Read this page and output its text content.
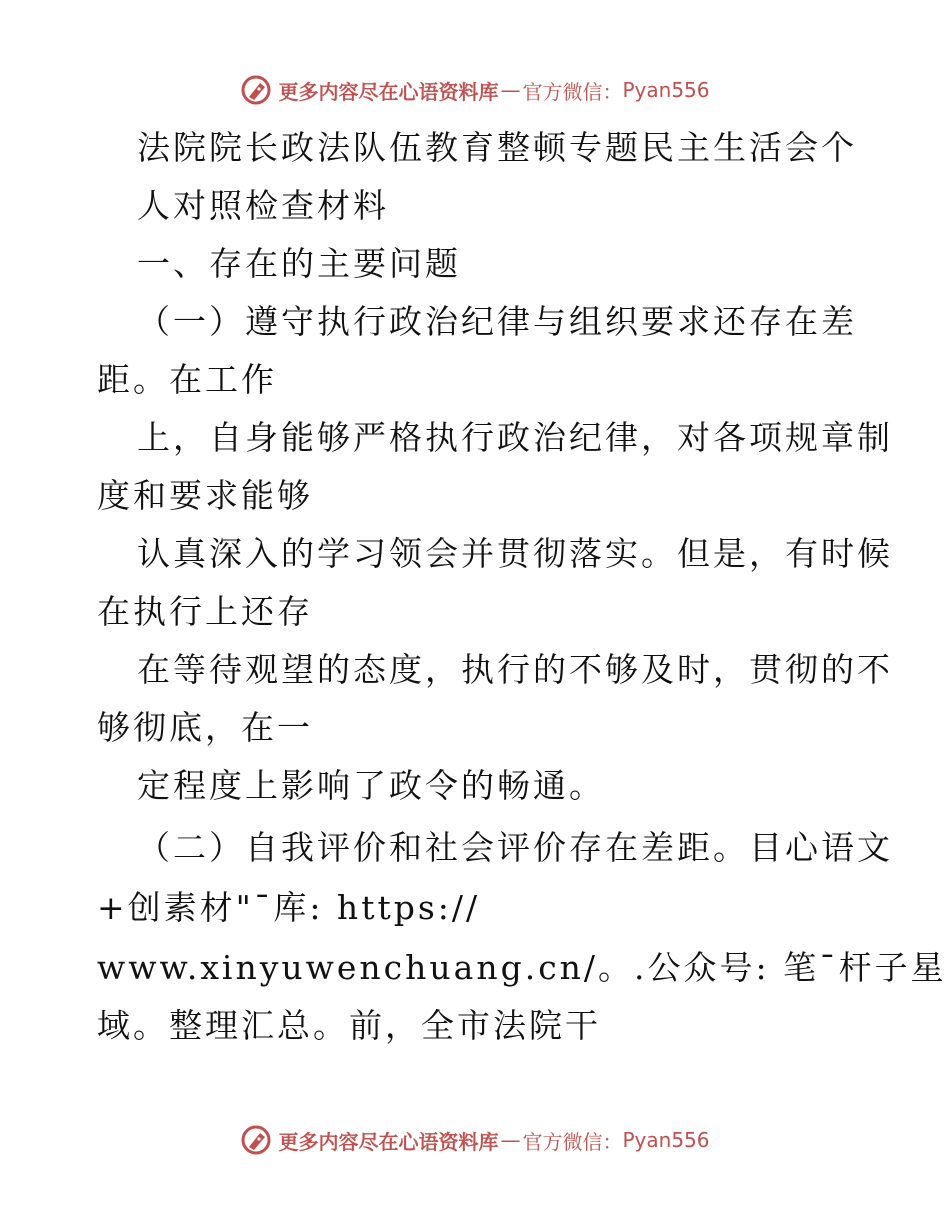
更多内容尽在心语资料库 — 官方微信： Pyan556
法院院长政法队伍教育整顿专题民主生活会个
人对照检查材料
一、存在的主要问题
（一）遵守执行政治纪律与组织要求还存在差
距。在工作
上，自身能够严格执行政治纪律，对各项规章制
度和要求能够
认真深入的学习领会并贯彻落实。但是，有时候
在执行上还存
在等待观望的态度，执行的不够及时，贯彻的不
够彻底，在一
定程度上影响了政令的畅通。
（二）自我评价和社会评价存在差距。目心语文
+创素材"¯库: https://
www.xinyuwenchuang.cn/。.公众号: 笔¯杆子星
域。整理汇总。前，全市法院干
更多内容尽在心语资料库 — 官方微信： Pyan556
